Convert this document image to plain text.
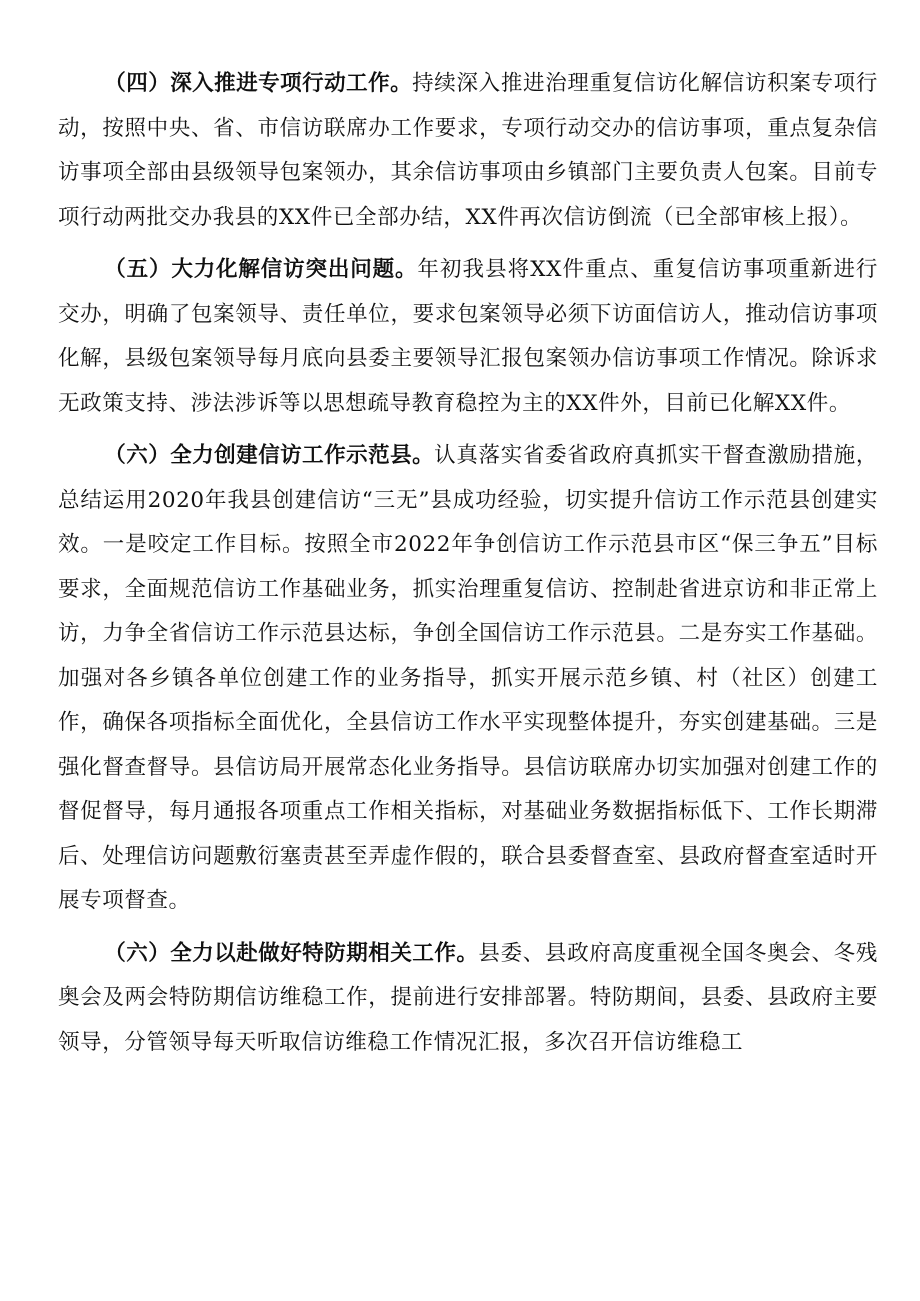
（四）深入推进专项行动工作。持续深入推进治理重复信访化解信访积案专项行动，按照中央、省、市信访联席办工作要求，专项行动交办的信访事项，重点复杂信访事项全部由县级领导包案领办，其余信访事项由乡镇部门主要负责人包案。目前专项行动两批交办我县的XX件已全部办结，XX件再次信访倒流（已全部审核上报）。

（五）大力化解信访突出问题。年初我县将XX件重点、重复信访事项重新进行交办，明确了包案领导、责任单位，要求包案领导必须下访面信访人，推动信访事项化解，县级包案领导每月底向县委主要领导汇报包案领办信访事项工作情况。除诉求无政策支持、涉法涉诉等以思想疏导教育稳控为主的XX件外，目前已化解XX件。

（六）全力创建信访工作示范县。认真落实省委省政府真抓实干督查激励措施，总结运用2020年我县创建信访“三无”县成功经验，切实提升信访工作示范县创建实效。一是咬定工作目标。按照全市2022年争创信访工作示范县市区“保三争五”目标要求，全面规范信访工作基础业务，抓实治理重复信访、控制赴省进京访和非正常上访，力争全省信访工作示范县达标，争创全国信访工作示范县。二是夯实工作基础。加强对各乡镇各单位创建工作的业务指导，抓实开展示范乡镇、村（社区）创建工作，确保各项指标全面优化，全县信访工作水平实现整体提升，夯实创建基础。三是强化督查督导。县信访局开展常态化业务指导。县信访联席办切实加强对创建工作的督促督导，每月通报各项重点工作相关指标，对基础业务数据指标低下、工作长期滞后、处理信访问题敷衍塞责甚至弄虚作假的，联合县委督查室、县政府督查室适时开展专项督查。

（六）全力以赴做好特防期相关工作。县委、县政府高度重视全国冬奥会、冬残奥会及两会特防期信访维稳工作，提前进行安排部署。特防期间，县委、县政府主要领导，分管领导每天听取信访维稳工作情况汇报，多次召开信访维稳工
